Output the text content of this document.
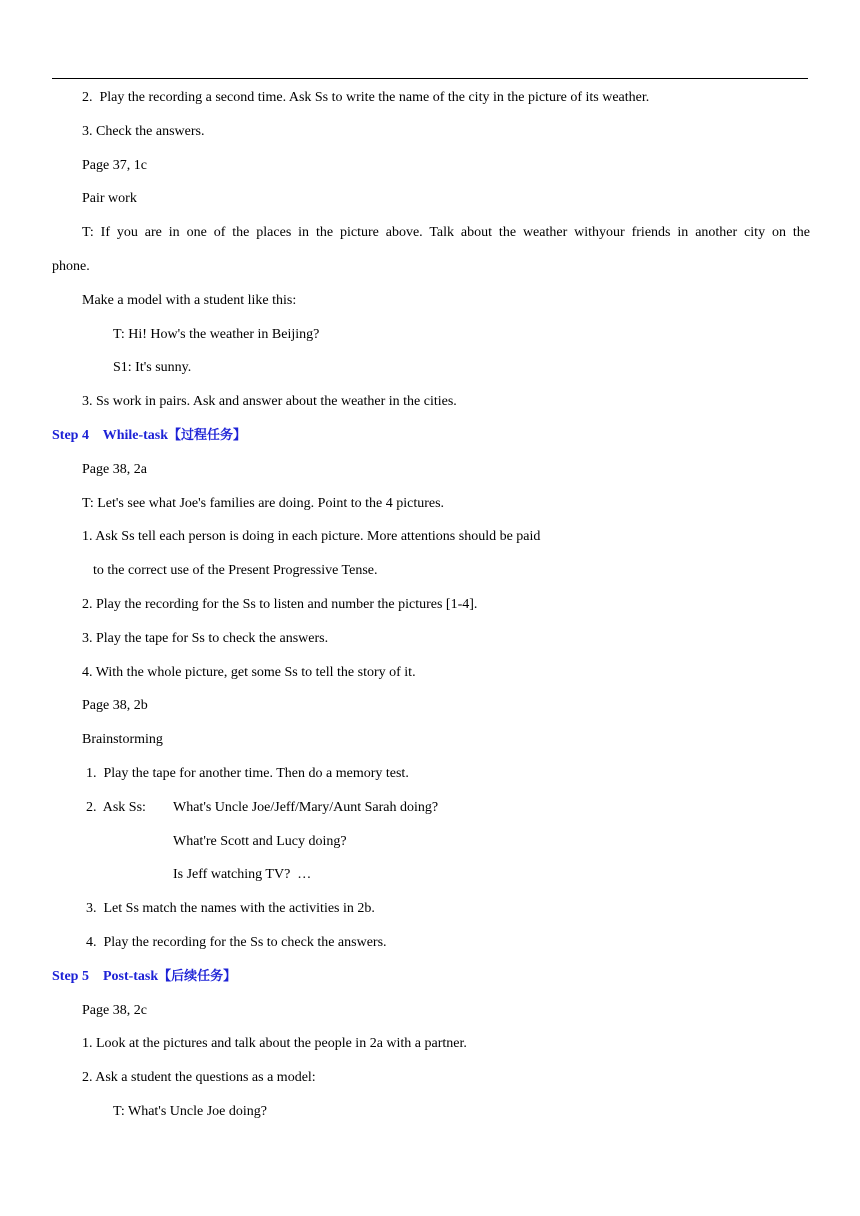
2.  Play the recording a second time. Ask Ss to write the name of the city in the picture of its weather.
3. Check the answers.
Page 37, 1c
Pair work
T: If you are in one of the places in the picture above. Talk about the weather withyour friends in another city on the
phone.
Make a model with a student like this:
T: Hi! How's the weather in Beijing?
S1: It's sunny.
3. Ss work in pairs. Ask and answer about the weather in the cities.
Step 4    While-task【过程任务】
Page 38, 2a
T: Let's see what Joe's families are doing. Point to the 4 pictures.
1. Ask Ss tell each person is doing in each picture. More attentions should be paid
to the correct use of the Present Progressive Tense.
2. Play the recording for the Ss to listen and number the pictures [1-4].
3. Play the tape for Ss to check the answers.
4. With the whole picture, get some Ss to tell the story of it.
Page 38, 2b
Brainstorming
1.  Play the tape for another time. Then do a memory test.
2.  Ask Ss: What's Uncle Joe/Jeff/Mary/Aunt Sarah doing?
What're Scott and Lucy doing?
Is Jeff watching TV?  …
3.  Let Ss match the names with the activities in 2b.
4.  Play the recording for the Ss to check the answers.
Step 5    Post-task【后续任务】
Page 38, 2c
1. Look at the pictures and talk about the people in 2a with a partner.
2. Ask a student the questions as a model:
T: What's Uncle Joe doing?
